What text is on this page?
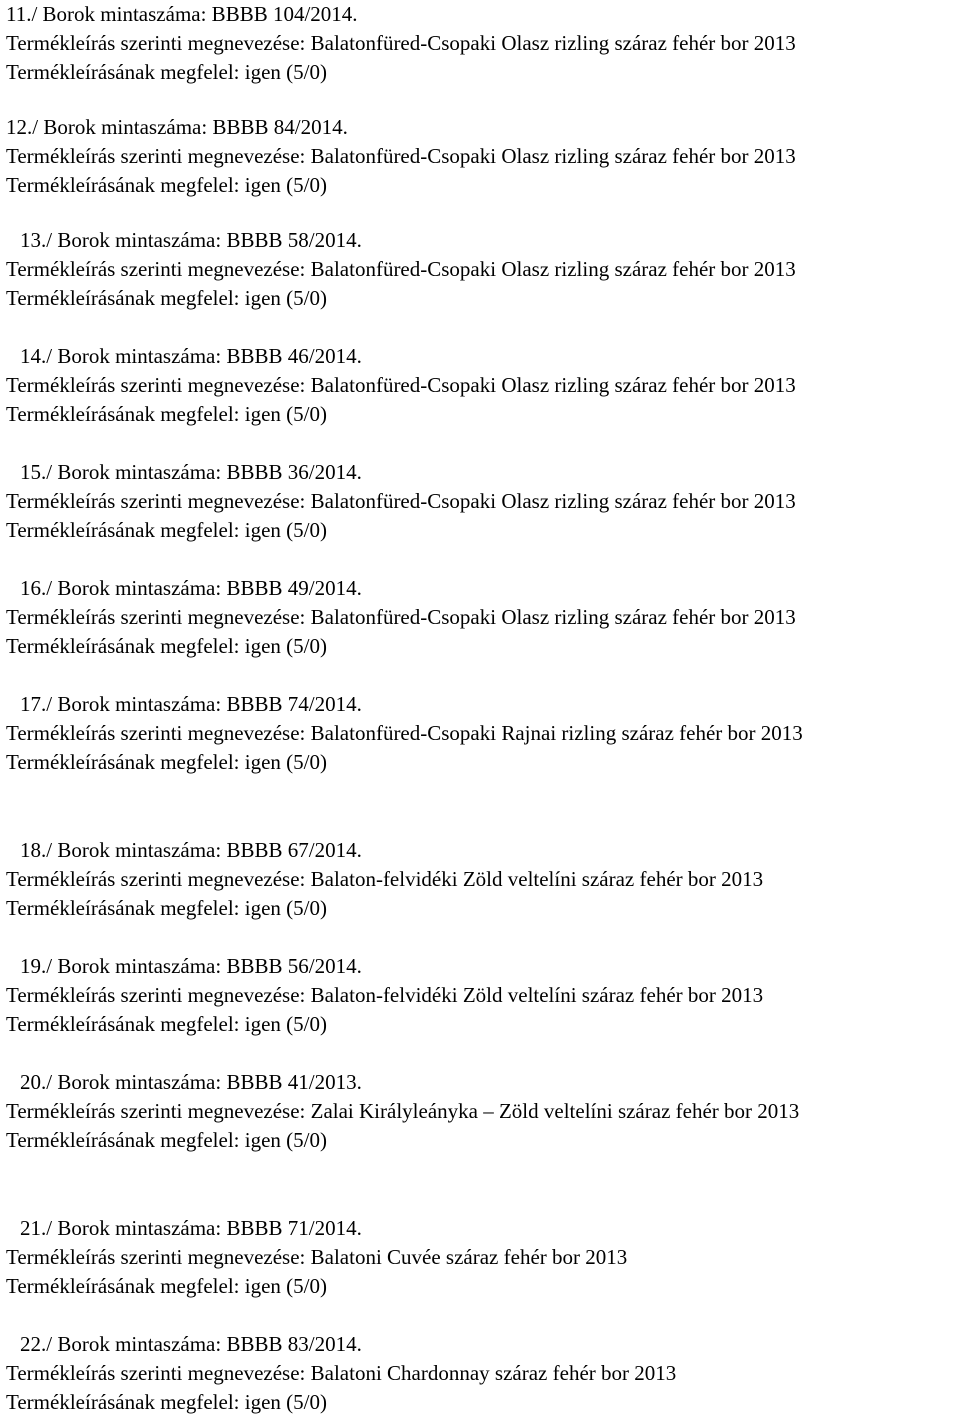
11./ Borok mintaszáma: BBBB 104/2014.
Termékleírás szerinti megnevezése: Balatonfüred-Csopaki Olasz rizling száraz fehér bor 2013
Termékleírásának megfelel: igen (5/0)
12./ Borok mintaszáma: BBBB 84/2014.
Termékleírás szerinti megnevezése: Balatonfüred-Csopaki Olasz rizling száraz fehér bor 2013
Termékleírásának megfelel: igen (5/0)
13./ Borok mintaszáma: BBBB 58/2014.
Termékleírás szerinti megnevezése: Balatonfüred-Csopaki Olasz rizling száraz fehér bor 2013
Termékleírásának megfelel: igen (5/0)
14./ Borok mintaszáma: BBBB 46/2014.
Termékleírás szerinti megnevezése: Balatonfüred-Csopaki Olasz rizling száraz fehér bor 2013
Termékleírásának megfelel: igen (5/0)
15./ Borok mintaszáma: BBBB 36/2014.
Termékleírás szerinti megnevezése: Balatonfüred-Csopaki Olasz rizling száraz fehér bor 2013
Termékleírásának megfelel: igen (5/0)
16./ Borok mintaszáma: BBBB 49/2014.
Termékleírás szerinti megnevezése: Balatonfüred-Csopaki Olasz rizling száraz fehér bor 2013
Termékleírásának megfelel: igen (5/0)
17./ Borok mintaszáma: BBBB 74/2014.
Termékleírás szerinti megnevezése: Balatonfüred-Csopaki Rajnai rizling száraz fehér bor 2013
Termékleírásának megfelel: igen (5/0)
18./ Borok mintaszáma: BBBB 67/2014.
Termékleírás szerinti megnevezése: Balaton-felvidéki Zöld veltelíni száraz fehér bor 2013
Termékleírásának megfelel: igen (5/0)
19./ Borok mintaszáma: BBBB 56/2014.
Termékleírás szerinti megnevezése: Balaton-felvidéki Zöld veltelíni száraz fehér bor 2013
Termékleírásának megfelel: igen (5/0)
20./ Borok mintaszáma: BBBB 41/2013.
Termékleírás szerinti megnevezése: Zalai Királyleányka – Zöld veltelíni száraz fehér bor 2013
Termékleírásának megfelel: igen (5/0)
21./ Borok mintaszáma: BBBB 71/2014.
Termékleírás szerinti megnevezése: Balatoni Cuvée száraz fehér bor 2013
Termékleírásának megfelel: igen (5/0)
22./ Borok mintaszáma: BBBB 83/2014.
Termékleírás szerinti megnevezése: Balatoni Chardonnay száraz fehér bor 2013
Termékleírásának megfelel: igen (5/0)
